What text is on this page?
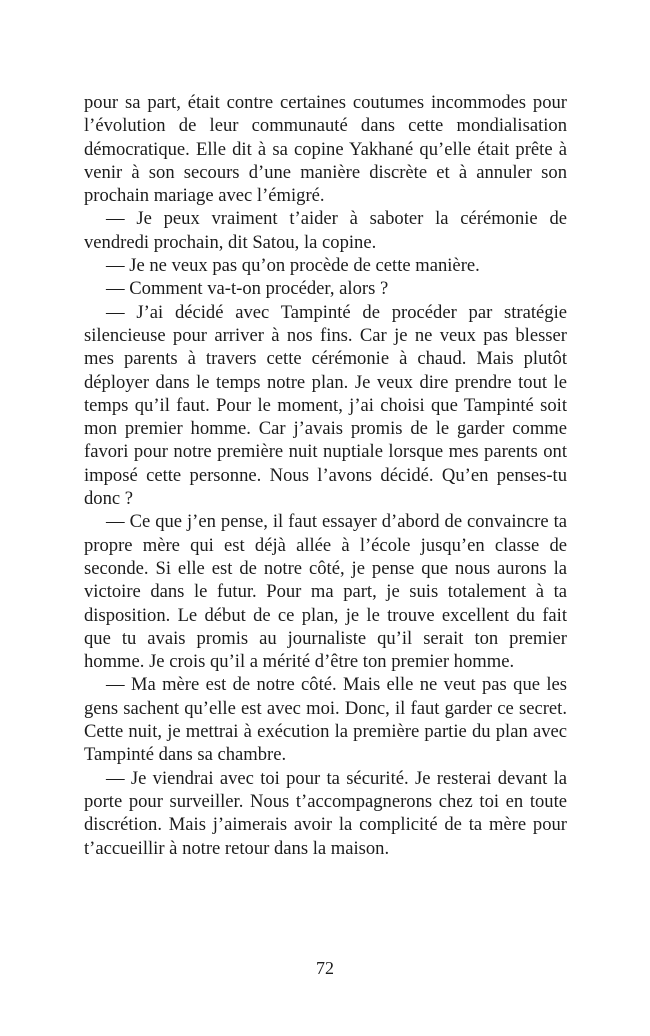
pour sa part, était contre certaines coutumes incommodes pour l’évolution de leur communauté dans cette mondialisation démocratique. Elle dit à sa copine Yakhané qu’elle était prête à venir à son secours d’une manière discrète et à annuler son prochain mariage avec l’émigré.

— Je peux vraiment t’aider à saboter la cérémonie de vendredi prochain, dit Satou, la copine.

— Je ne veux pas qu’on procède de cette manière.

— Comment va-t-on procéder, alors ?

— J’ai décidé avec Tampinté de procéder par stratégie silencieuse pour arriver à nos fins. Car je ne veux pas blesser mes parents à travers cette cérémonie à chaud. Mais plutôt déployer dans le temps notre plan. Je veux dire prendre tout le temps qu’il faut. Pour le moment, j’ai choisi que Tampinté soit mon premier homme. Car j’avais promis de le garder comme favori pour notre première nuit nuptiale lorsque mes parents ont imposé cette personne. Nous l’avons décidé. Qu’en penses-tu donc ?

— Ce que j’en pense, il faut essayer d’abord de convaincre ta propre mère qui est déjà allée à l’école jusqu’en classe de seconde. Si elle est de notre côté, je pense que nous aurons la victoire dans le futur. Pour ma part, je suis totalement à ta disposition. Le début de ce plan, je le trouve excellent du fait que tu avais promis au journaliste qu’il serait ton premier homme. Je crois qu’il a mérité d’être ton premier homme.

— Ma mère est de notre côté. Mais elle ne veut pas que les gens sachent qu’elle est avec moi. Donc, il faut garder ce secret. Cette nuit, je mettrai à exécution la première partie du plan avec Tampinté dans sa chambre.

— Je viendrai avec toi pour ta sécurité. Je resterai devant la porte pour surveiller. Nous t’accompagnerons chez toi en toute discrétion. Mais j’aimerais avoir la complicité de ta mère pour t’accueillir à notre retour dans la maison.

72
